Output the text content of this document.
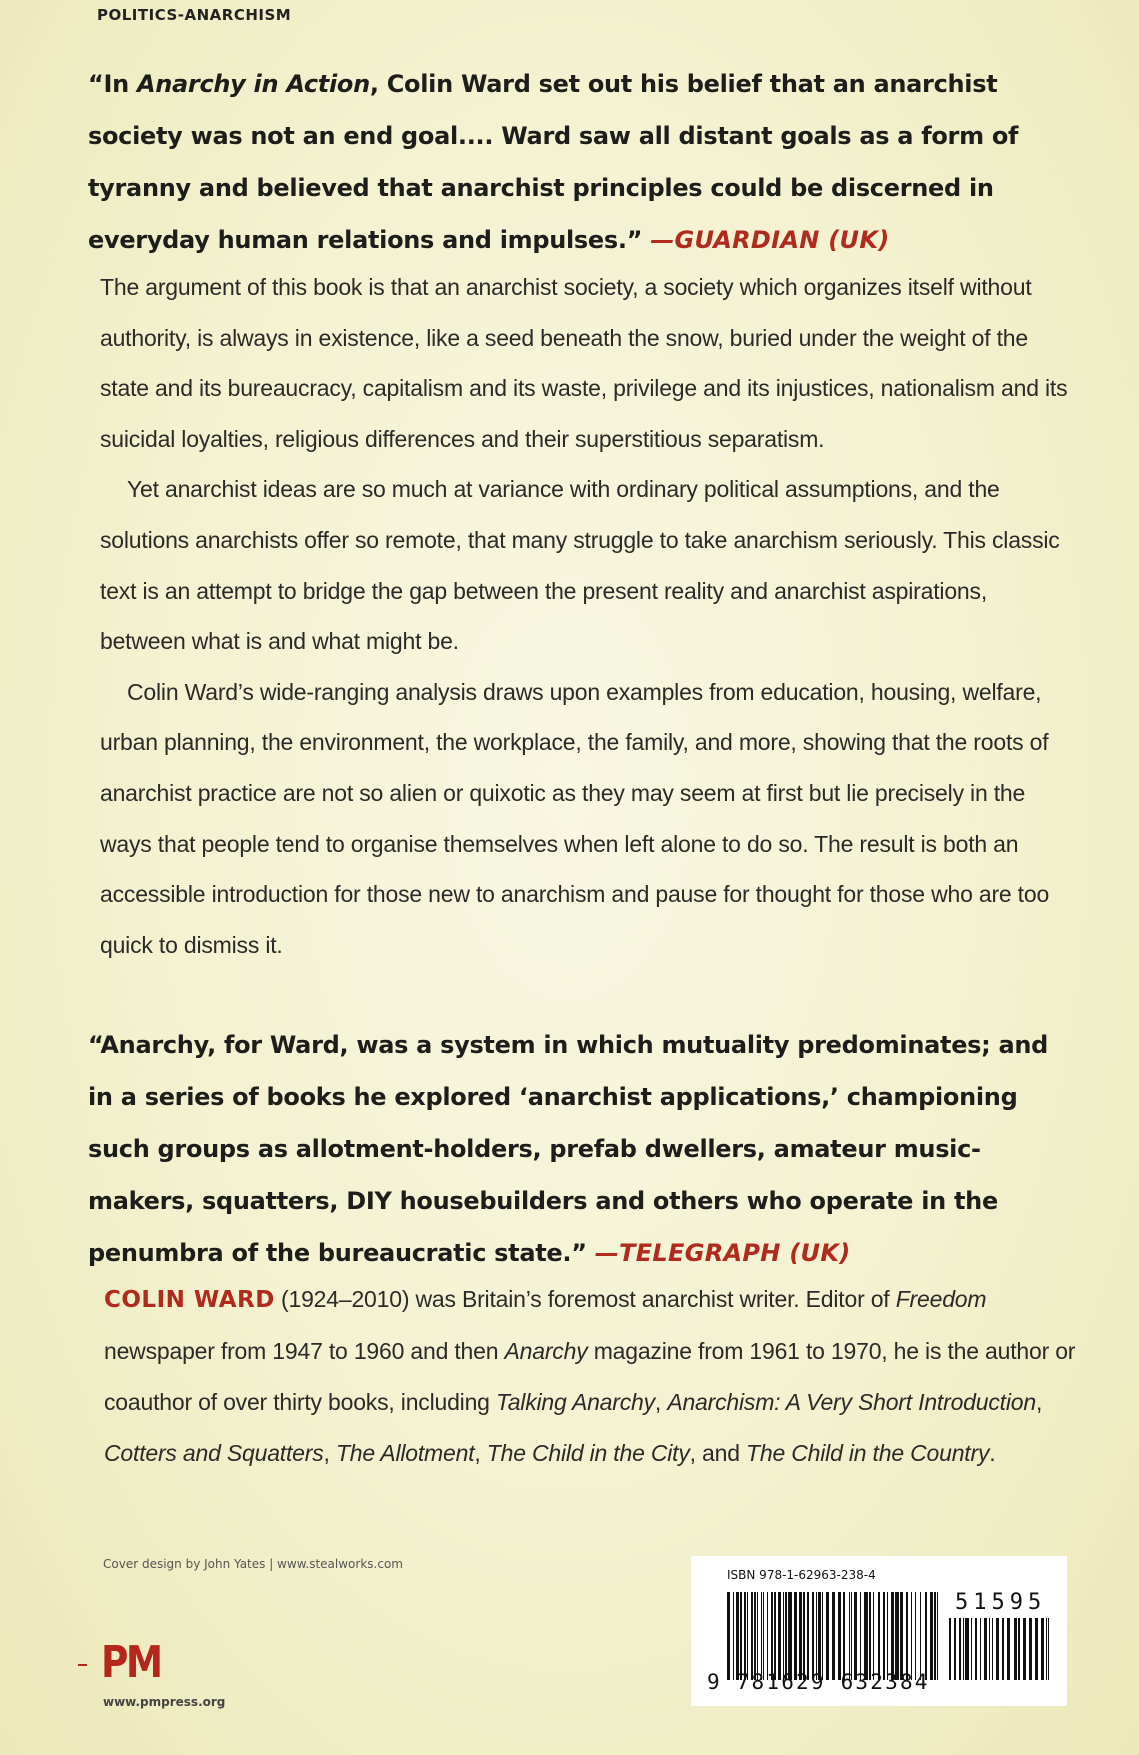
POLITICS-ANARCHISM
“In Anarchy in Action, Colin Ward set out his belief that an anarchist society was not an end goal.... Ward saw all distant goals as a form of tyranny and believed that anarchist principles could be discerned in everyday human relations and impulses.” —GUARDIAN (UK)

The argument of this book is that an anarchist society, a society which organizes itself without authority, is always in existence, like a seed beneath the snow, buried under the weight of the state and its bureaucracy, capitalism and its waste, privilege and its injustices, nationalism and its suicidal loyalties, religious differences and their superstitious separatism.

Yet anarchist ideas are so much at variance with ordinary political assumptions, and the solutions anarchists offer so remote, that many struggle to take anarchism seriously. This classic text is an attempt to bridge the gap between the present reality and anarchist aspirations, between what is and what might be.

Colin Ward’s wide-ranging analysis draws upon examples from education, housing, welfare, urban planning, the environment, the workplace, the family, and more, showing that the roots of anarchist practice are not so alien or quixotic as they may seem at first but lie precisely in the ways that people tend to organise themselves when left alone to do so. The result is both an accessible introduction for those new to anarchism and pause for thought for those who are too quick to dismiss it.

“Anarchy, for Ward, was a system in which mutuality predominates; and in a series of books he explored ‘anarchist applications,’ championing such groups as allotment-holders, prefab dwellers, amateur music-makers, squatters, DIY housebuilders and others who operate in the penumbra of the bureaucratic state.” —TELEGRAPH (UK)
COLIN WARD (1924–2010) was Britain’s foremost anarchist writer. Editor of Freedom newspaper from 1947 to 1960 and then Anarchy magazine from 1961 to 1970, he is the author or coauthor of over thirty books, including Talking Anarchy, Anarchism: A Very Short Introduction, Cotters and Squatters, The Allotment, The Child in the City, and The Child in the Country.
Cover design by John Yates | www.stealworks.com
PM
www.pmpress.org
ISBN 978-1-62963-238-4
51595
9 781629 632384
